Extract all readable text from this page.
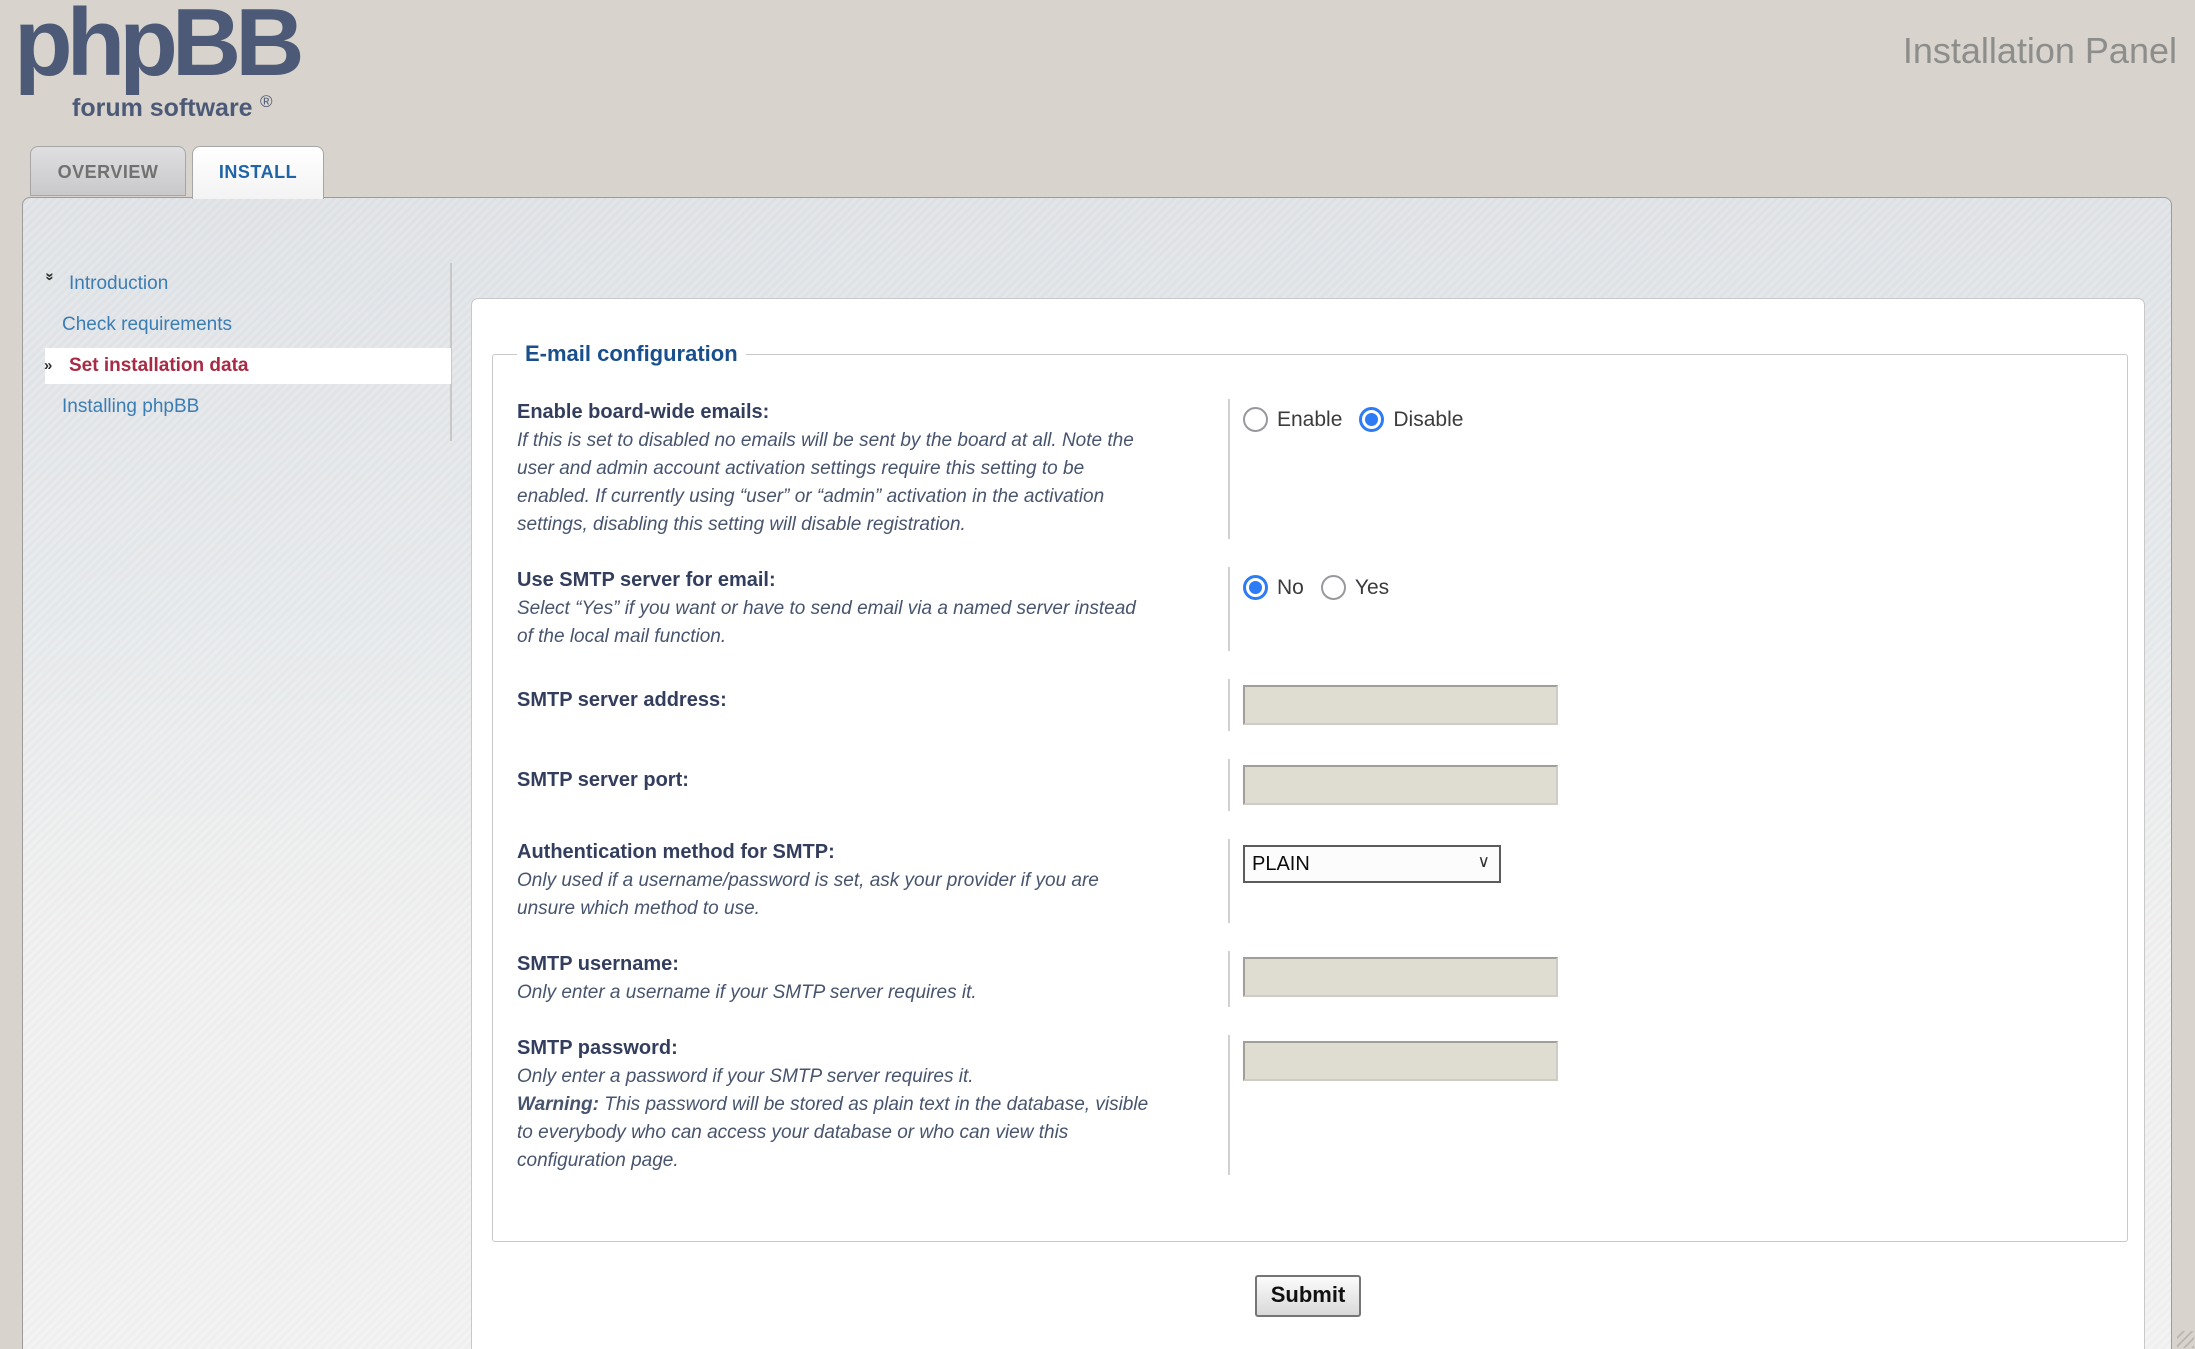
phpBB
forum software ®
Installation Panel
OVERVIEW	INSTALL
» Introduction
Check requirements
» Set installation data
Installing phpBB
E-mail configuration
Enable board-wide emails:
If this is set to disabled no emails will be sent by the board at all. Note the user and admin account activation settings require this setting to be enabled. If currently using “user” or “admin” activation in the activation settings, disabling this setting will disable registration.
Enable Disable
Use SMTP server for email:
Select “Yes” if you want or have to send email via a named server instead of the local mail function.
No Yes
SMTP server address:
SMTP server port:
Authentication method for SMTP:
Only used if a username/password is set, ask your provider if you are unsure which method to use.
PLAIN	∨
SMTP username:
Only enter a username if your SMTP server requires it.
SMTP password:
Only enter a password if your SMTP server requires it.
Warning: This password will be stored as plain text in the database, visible to everybody who can access your database or who can view this configuration page.
Submit
